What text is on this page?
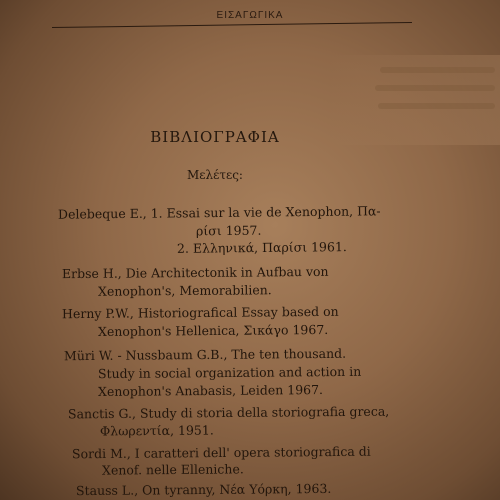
ΕΙΣΑΓΩΓΙΚΑ
ΒΙΒΛΙΟΓΡΑΦΙΑ
Μελέτες:
Delebeque E., 1. Essai sur la vie de Xenophon, Πα-
ρίσι 1957.
2. Ελληνικά, Παρίσι 1961.
Erbse H., Die Architectonik in Aufbau von
Xenophon's, Memorabilien.
Herny P.W., Historiografical Essay based on
Xenophon's Hellenica, Σικάγο 1967.
Müri W. - Nussbaum G.B., The ten thousand.
Study in social organization and action in
Xenophon's Anabasis, Leiden 1967.
Sanctis G., Study di storia della storiografia greca,
Φλωρεντία, 1951.
Sordi M., I caratteri dell' opera storiografica di
Xenof. nelle Elleniche.
Stauss L., On tyranny, Νέα Υόρκη, 1963.
